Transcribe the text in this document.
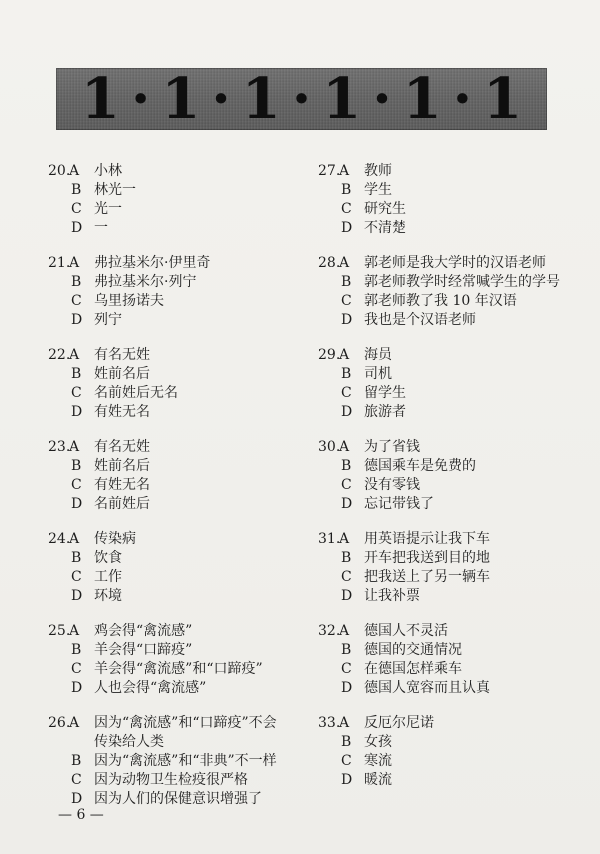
1·1·1·1·1·1
20.
A	小林
B 林光一
C 光一
D 一
21.
A	弗拉基米尔·伊里奇
B 弗拉基米尔·列宁
C 乌里扬诺夫
D 列宁
22.
A	有名无姓
B 姓前名后
C 名前姓后无名
D 有姓无名
23.
A	有名无姓
B 姓前名后
C 有姓无名
D 名前姓后
24.
A	传染病
B 饮食
C 工作
D 环境
25.
A	鸡会得“禽流感”
B 羊会得“口蹄疫”
C 羊会得“禽流感”和“口蹄疫”
D 人也会得“禽流感”
26.
A	因为“禽流感”和“口蹄疫”不会
传染给人类
B 因为“禽流感”和“非典”不一样
C 因为动物卫生检疫很严格
D 因为人们的保健意识增强了
27.
A	教师
B 学生
C 研究生
D 不清楚
28.
A	郭老师是我大学时的汉语老师
B 郭老师教学时经常喊学生的学号
C 郭老师教了我 10 年汉语
D 我也是个汉语老师
29.
A	海员
B 司机
C 留学生
D 旅游者
30.
A	为了省钱
B 德国乘车是免费的
C 没有零钱
D 忘记带钱了
31.
A	用英语提示让我下车
B 开车把我送到目的地
C 把我送上了另一辆车
D 让我补票
32.
A	德国人不灵活
B 德国的交通情况
C 在德国怎样乘车
D 德国人宽容而且认真
33.
A	反厄尔尼诺
B 女孩
C 寒流
D 暖流
— 6 —
